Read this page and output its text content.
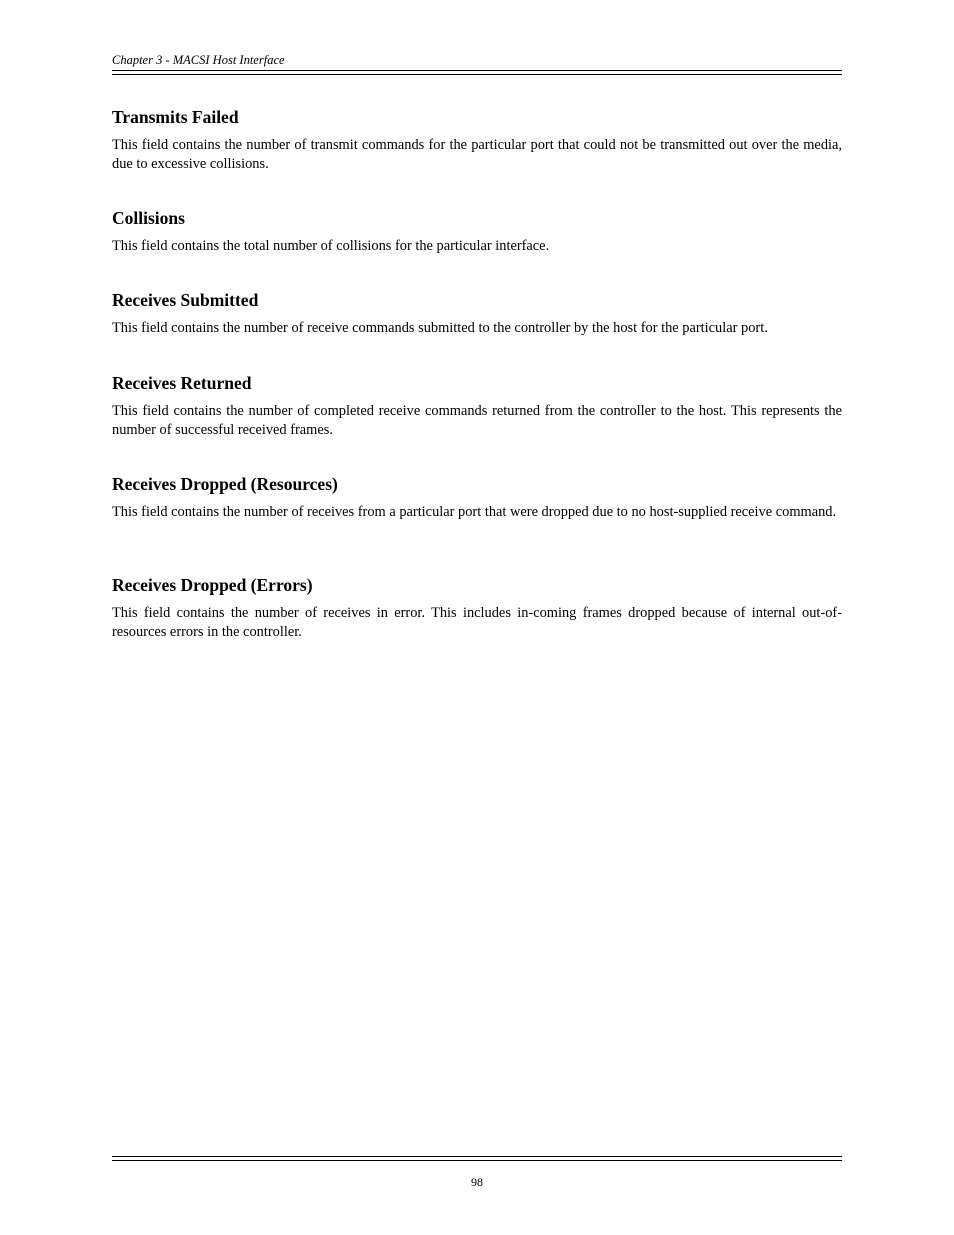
Chapter 3 - MACSI Host Interface
Transmits Failed

This field contains the number of transmit commands for the particular port that could not be transmitted out over the media, due to excessive collisions.

Collisions

This field contains the total number of collisions for the particular interface.

Receives Submitted

This field contains the number of receive commands submitted to the controller by the host for the particular port.

Receives Returned

This field contains the number of completed receive commands returned from the controller to the host. This represents the number of successful received frames.

Receives Dropped (Resources)

This field contains the number of receives from a particular port that were dropped due to no host-supplied receive command.

Receives Dropped (Errors)

This field contains the number of receives in error. This includes in-coming frames dropped because of internal out-of-resources errors in the controller.

98
